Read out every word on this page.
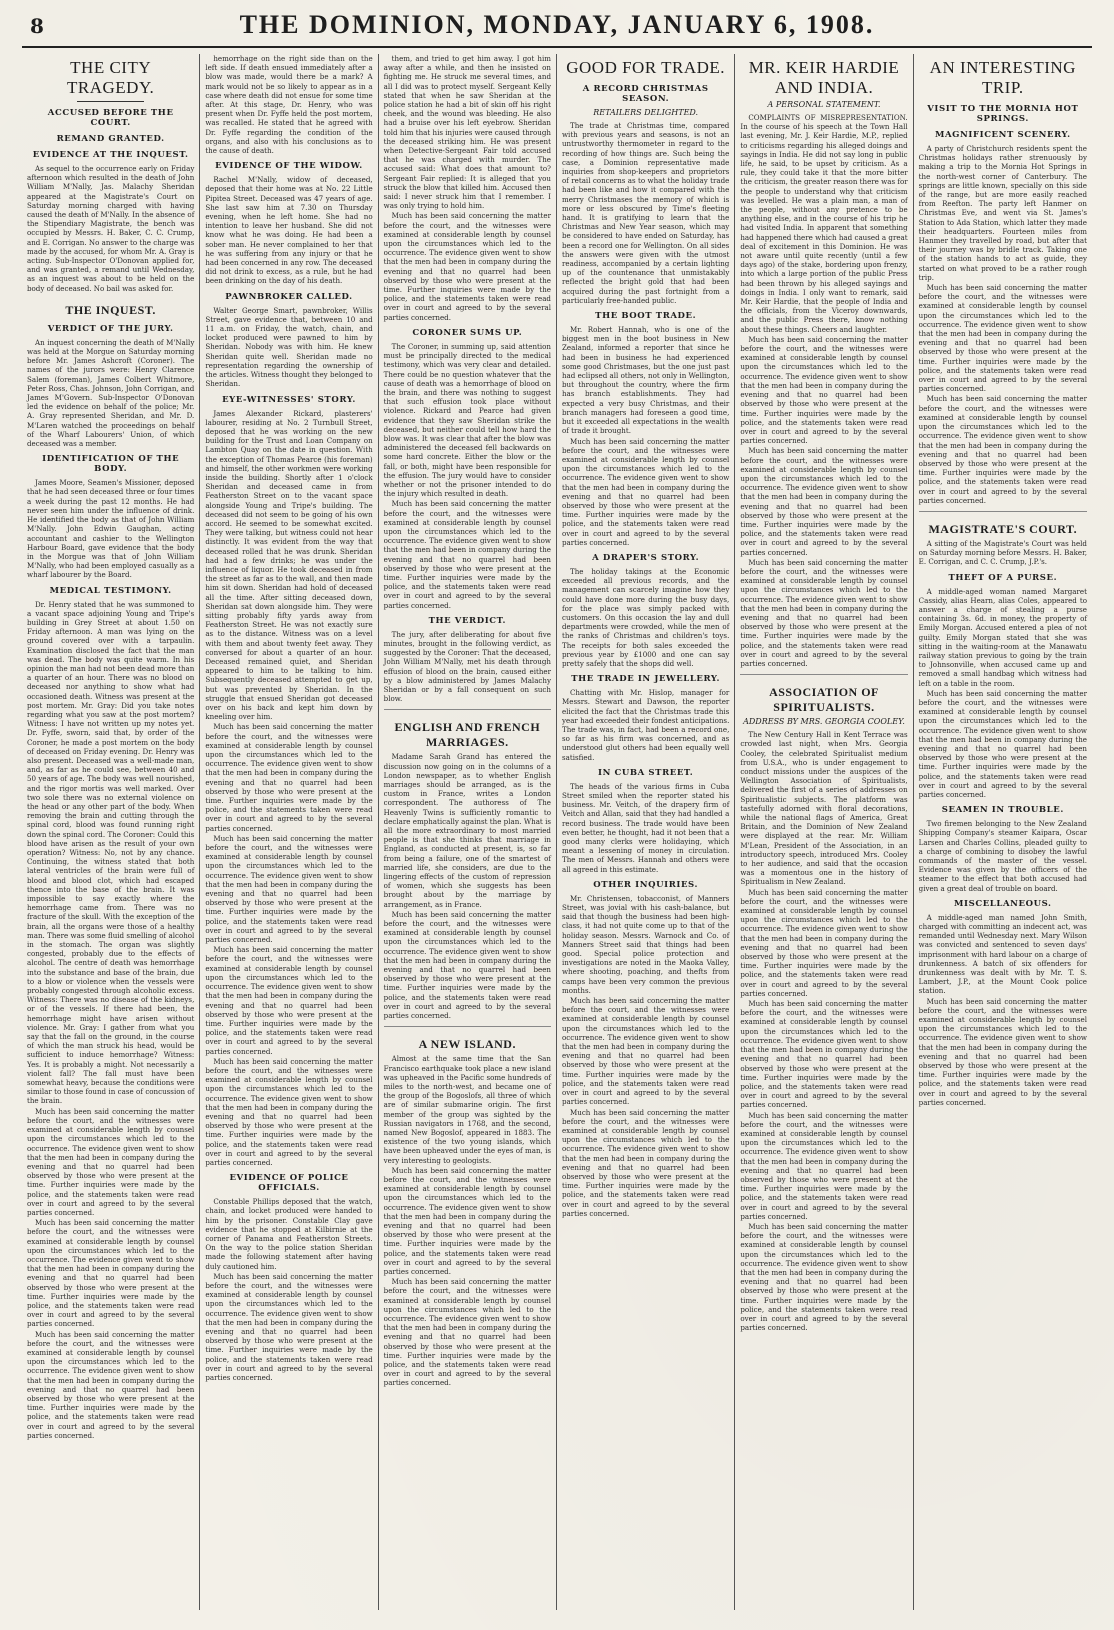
8	THE DOMINION, MONDAY, JANUARY 6, 1908.
THE CITY TRAGEDY.
ACCUSED BEFORE THE COURT.
REMAND GRANTED.
EVIDENCE AT THE INQUEST.

As sequel to the occurrence early on Friday afternoon which resulted in the death of John William M'Nally, Jas. Malachy Sheridan appeared at the Magistrate's Court on Saturday morning charged with having caused the death of M'Nally. In the absence of the Stipendiary Magistrate, the bench was occupied by Messrs. H. Baker, C. C. Crump, and E. Corrigan. No answer to the charge was made by the accused, for whom Mr. A. Gray is acting. Sub-Inspector O'Donovan applied for, and was granted, a remand until Wednesday, as an inquest was about to be held on the body of deceased. No bail was asked for.

THE INQUEST.
VERDICT OF THE JURY.

An inquest concerning the death of M'Nally was held at the Morgue on Saturday morning before Mr. James Ashcroft (Coroner). The names of the jurors were: Henry Clarence Salem (foreman), James Colbert Whitmore, Peter Ross, Chas. Johnson, John Corrigan, and James M'Govern. Sub-Inspector O'Donovan led the evidence on behalf of the police; Mr. A. Gray represented Sheridan, and Mr. D. M'Laren watched the proceedings on behalf of the Wharf Labourers' Union, of which deceased was a member.

IDENTIFICATION OF THE BODY.

James Moore, Seamen's Missioner, deposed that he had seen deceased three or four times a week during the past 12 months. He had never seen him under the influence of drink. He identified the body as that of John William M'Nally. John Edwin Gaughan, acting accountant and cashier to the Wellington Harbour Board, gave evidence that the body in the Morgue was that of John William M'Nally, who had been employed casually as a wharf labourer by the Board.

MEDICAL TESTIMONY.

Dr. Henry stated that he was summoned to a vacant space adjoining Young and Tripe's building in Grey Street at about 1.50 on Friday afternoon. A man was lying on the ground covered over with a tarpaulin. Examination disclosed the fact that the man was dead. The body was quite warm. In his opinion the man had not been dead more than a quarter of an hour. There was no blood on deceased nor anything to show what had occasioned death. Witness was present at the post mortem. Mr. Gray: Did you take notes regarding what you saw at the post mortem? Witness: I have not written up my notes yet. Dr. Fyffe, sworn, said that, by order of the Coroner, he made a post mortem on the body of deceased on Friday evening. Dr. Henry was also present. Deceased was a well-made man, and, as far as he could see, between 40 and 50 years of age. The body was well nourished, and the rigor mortis was well marked. Over two sole there was no external violence on the head or any other part of the body. When removing the brain and cutting through the spinal cord, blood was found running right down the spinal cord. The Coroner: Could this blood have arisen as the result of your own operation? Witness: No, not by any chance. Continuing, the witness stated that both lateral ventricles of the brain were full of blood and blood clot, which had escaped thence into the base of the brain. It was impossible to say exactly where the hemorrhage came from. There was no fracture of the skull. With the exception of the brain, all the organs were those of a healthy man. There was some fluid smelling of alcohol in the stomach. The organ was slightly congested, probably due to the effects of alcohol. The centre of death was hemorrhage into the substance and base of the brain, due to a blow or violence when the vessels were probably congested through alcoholic excess. Witness: There was no disease of the kidneys, or of the vessels. If there had been, the hemorrhage might have arisen without violence. Mr. Gray: I gather from what you say that the fall on the ground, in the course of which the man struck his head, would be sufficient to induce hemorrhage? Witness: Yes. It is probably a might. Not necessarily a violent fall? The fall must have been somewhat heavy, because the conditions were similar to those found in case of concussion of the brain.

Much has been said concerning the matter before the court, and the witnesses were examined at considerable length by counsel upon the circumstances which led to the occurrence. The evidence given went to show that the men had been in company during the evening and that no quarrel had been observed by those who were present at the time. Further inquiries were made by the police, and the statements taken were read over in court and agreed to by the several parties concerned.

Much has been said concerning the matter before the court, and the witnesses were examined at considerable length by counsel upon the circumstances which led to the occurrence. The evidence given went to show that the men had been in company during the evening and that no quarrel had been observed by those who were present at the time. Further inquiries were made by the police, and the statements taken were read over in court and agreed to by the several parties concerned.

Much has been said concerning the matter before the court, and the witnesses were examined at considerable length by counsel upon the circumstances which led to the occurrence. The evidence given went to show that the men had been in company during the evening and that no quarrel had been observed by those who were present at the time. Further inquiries were made by the police, and the statements taken were read over in court and agreed to by the several parties concerned.

hemorrhage on the right side than on the left side. If death ensued immediately after a blow was made, would there be a mark? A mark would not be so likely to appear as in a case where death did not ensue for some time after. At this stage, Dr. Henry, who was present when Dr. Fyffe held the post mortem, was recalled. He stated that he agreed with Dr. Fyffe regarding the condition of the organs, and also with his conclusions as to the cause of death.

EVIDENCE OF THE WIDOW.

Rachel M'Nally, widow of deceased, deposed that their home was at No. 22 Little Pipitea Street. Deceased was 47 years of age. She last saw him at 7.30 on Thursday evening, when he left home. She had no intention to leave her husband. She did not know what he was doing. He had been a sober man. He never complained to her that he was suffering from any injury or that he had been concerned in any row. The deceased did not drink to excess, as a rule, but he had been drinking on the day of his death.

PAWNBROKER CALLED.

Walter George Smart, pawnbroker, Willis Street, gave evidence that, between 10 and 11 a.m. on Friday, the watch, chain, and locket produced were pawned to him by Sheridan. Nobody was with him. He knew Sheridan quite well. Sheridan made no representation regarding the ownership of the articles. Witness thought they belonged to Sheridan.

EYE-WITNESSES' STORY.

James Alexander Rickard, plasterers' labourer, residing at No. 2 Turnbull Street, deposed that he was working on the new building for the Trust and Loan Company on Lambton Quay on the date in question. With the exception of Thomas Pearce (his foreman) and himself, the other workmen were working inside the building. Shortly after 1 o'clock Sheridan and deceased came in from Featherston Street on to the vacant space alongside Young and Tripe's building. The deceased did not seem to be going of his own accord. He seemed to be somewhat excited. They were talking, but witness could not hear distinctly. It was evident from the way that deceased rolled that he was drunk. Sheridan had had a few drinks; he was under the influence of liquor. He took deceased in from the street as far as to the wall, and then made him sit down. Sheridan had hold of deceased all the time. After sitting deceased down, Sheridan sat down alongside him. They were sitting probably fifty yards away from Featherston Street. He was not exactly sure as to the distance. Witness was on a level with them and about twenty feet away. They conversed for about a quarter of an hour. Deceased remained quiet, and Sheridan appeared to him to be talking to him. Subsequently deceased attempted to get up, but was prevented by Sheridan. In the struggle that ensued Sheridan got deceased over on his back and kept him down by kneeling over him.

Much has been said concerning the matter before the court, and the witnesses were examined at considerable length by counsel upon the circumstances which led to the occurrence. The evidence given went to show that the men had been in company during the evening and that no quarrel had been observed by those who were present at the time. Further inquiries were made by the police, and the statements taken were read over in court and agreed to by the several parties concerned.

Much has been said concerning the matter before the court, and the witnesses were examined at considerable length by counsel upon the circumstances which led to the occurrence. The evidence given went to show that the men had been in company during the evening and that no quarrel had been observed by those who were present at the time. Further inquiries were made by the police, and the statements taken were read over in court and agreed to by the several parties concerned.

Much has been said concerning the matter before the court, and the witnesses were examined at considerable length by counsel upon the circumstances which led to the occurrence. The evidence given went to show that the men had been in company during the evening and that no quarrel had been observed by those who were present at the time. Further inquiries were made by the police, and the statements taken were read over in court and agreed to by the several parties concerned.

Much has been said concerning the matter before the court, and the witnesses were examined at considerable length by counsel upon the circumstances which led to the occurrence. The evidence given went to show that the men had been in company during the evening and that no quarrel had been observed by those who were present at the time. Further inquiries were made by the police, and the statements taken were read over in court and agreed to by the several parties concerned.

EVIDENCE OF POLICE OFFICIALS.

Constable Phillips deposed that the watch, chain, and locket produced were handed to him by the prisoner. Constable Clay gave evidence that he stopped at Kilbirnie at the corner of Panama and Featherston Streets. On the way to the police station Sheridan made the following statement after having duly cautioned him.

Much has been said concerning the matter before the court, and the witnesses were examined at considerable length by counsel upon the circumstances which led to the occurrence. The evidence given went to show that the men had been in company during the evening and that no quarrel had been observed by those who were present at the time. Further inquiries were made by the police, and the statements taken were read over in court and agreed to by the several parties concerned.

them, and tried to get him away. I got him away after a while, and then he insisted on fighting me. He struck me several times, and all I did was to protect myself. Sergeant Kelly stated that when he saw Sheridan at the police station he had a bit of skin off his right cheek, and the wound was bleeding. He also had a bruise over his left eyebrow. Sheridan told him that his injuries were caused through the deceased striking him. He was present when Detective-Sergeant Fair told accused that he was charged with murder. The accused said: What does that amount to? Sergeant Fair replied: It is alleged that you struck the blow that killed him. Accused then said: I never struck him that I remember. I was only trying to hold him.

Much has been said concerning the matter before the court, and the witnesses were examined at considerable length by counsel upon the circumstances which led to the occurrence. The evidence given went to show that the men had been in company during the evening and that no quarrel had been observed by those who were present at the time. Further inquiries were made by the police, and the statements taken were read over in court and agreed to by the several parties concerned.

CORONER SUMS UP.

The Coroner, in summing up, said attention must be principally directed to the medical testimony, which was very clear and detailed. There could be no question whatever that the cause of death was a hemorrhage of blood on the brain, and there was nothing to suggest that such effusion took place without violence. Rickard and Pearce had given evidence that they saw Sheridan strike the deceased, but neither could tell how hard the blow was. It was clear that after the blow was administered the deceased fell backwards on some hard concrete. Either the blow or the fall, or both, might have been responsible for the effusion. The jury would have to consider whether or not the prisoner intended to do the injury which resulted in death.

Much has been said concerning the matter before the court, and the witnesses were examined at considerable length by counsel upon the circumstances which led to the occurrence. The evidence given went to show that the men had been in company during the evening and that no quarrel had been observed by those who were present at the time. Further inquiries were made by the police, and the statements taken were read over in court and agreed to by the several parties concerned.

THE VERDICT.

The jury, after deliberating for about five minutes, brought in the following verdict, as suggested by the Coroner: That the deceased, John William M'Nally, met his death through effusion of blood on the brain, caused either by a blow administered by James Malachy Sheridan or by a fall consequent on such blow.

ENGLISH AND FRENCH MARRIAGES.

Madame Sarah Grand has entered the discussion now going on in the columns of a London newspaper, as to whether English marriages should be arranged, as is the custom in France, writes a London correspondent. The authoress of The Heavenly Twins is sufficiently romantic to declare emphatically against the plan. What is all the more extraordinary to most married people is that she thinks that marriage in England, as conducted at present, is, so far from being a failure, one of the smartest of married life, she considers, are due to the lingering effects of the custom of repression of women, which she suggests has been brought about by the marriage by arrangement, as in France.

Much has been said concerning the matter before the court, and the witnesses were examined at considerable length by counsel upon the circumstances which led to the occurrence. The evidence given went to show that the men had been in company during the evening and that no quarrel had been observed by those who were present at the time. Further inquiries were made by the police, and the statements taken were read over in court and agreed to by the several parties concerned.

A NEW ISLAND.

Almost at the same time that the San Francisco earthquake took place a new island was upheaved in the Pacific some hundreds of miles to the north-west, and became one of the group of the Bogoslofs, all three of which are of similar submarine origin. The first member of the group was sighted by the Russian navigators in 1768, and the second, named New Bogoslof, appeared in 1883. The existence of the two young islands, which have been upheaved under the eyes of man, is very interesting to geologists.

Much has been said concerning the matter before the court, and the witnesses were examined at considerable length by counsel upon the circumstances which led to the occurrence. The evidence given went to show that the men had been in company during the evening and that no quarrel had been observed by those who were present at the time. Further inquiries were made by the police, and the statements taken were read over in court and agreed to by the several parties concerned.

Much has been said concerning the matter before the court, and the witnesses were examined at considerable length by counsel upon the circumstances which led to the occurrence. The evidence given went to show that the men had been in company during the evening and that no quarrel had been observed by those who were present at the time. Further inquiries were made by the police, and the statements taken were read over in court and agreed to by the several parties concerned.

GOOD FOR TRADE.
A RECORD CHRISTMAS SEASON.
RETAILERS DELIGHTED.

The trade at Christmas time, compared with previous years and seasons, is not an untrustworthy thermometer in regard to the recording of how things are. Such being the case, a Dominion representative made inquiries from shop-keepers and proprietors of retail concerns as to what the holiday trade had been like and how it compared with the merry Christmases the memory of which is more or less obscured by Time's fleeting hand. It is gratifying to learn that the Christmas and New Year season, which may be considered to have ended on Saturday, has been a record one for Wellington. On all sides the answers were given with the utmost readiness, accompanied by a certain lighting up of the countenance that unmistakably reflected the bright gold that had been acquired during the past fortnight from a particularly free-handed public.

THE BOOT TRADE.

Mr. Robert Hannah, who is one of the biggest men in the boot business in New Zealand, informed a reporter that since he had been in business he had experienced some good Christmases, but the one just past had eclipsed all others, not only in Wellington, but throughout the country, where the firm has branch establishments. They had expected a very busy Christmas, and their branch managers had foreseen a good time, but it exceeded all expectations in the wealth of trade it brought.

Much has been said concerning the matter before the court, and the witnesses were examined at considerable length by counsel upon the circumstances which led to the occurrence. The evidence given went to show that the men had been in company during the evening and that no quarrel had been observed by those who were present at the time. Further inquiries were made by the police, and the statements taken were read over in court and agreed to by the several parties concerned.

A DRAPER'S STORY.

The holiday takings at the Economic exceeded all previous records, and the management can scarcely imagine how they could have done more during the busy days, for the place was simply packed with customers. On this occasion the lay and dull departments were crowded, while the men of the ranks of Christmas and children's toys. The receipts for both sales exceeded the previous year by £1000 and one can say pretty safely that the shops did well.

THE TRADE IN JEWELLERY.

Chatting with Mr. Hislop, manager for Messrs. Stewart and Dawson, the reporter elicited the fact that the Christmas trade this year had exceeded their fondest anticipations. The trade was, in fact, had been a record one, so far as his firm was concerned, and as understood glut others had been equally well satisfied.

IN CUBA STREET.

The heads of the various firms in Cuba Street smiled when the reporter stated his business. Mr. Veitch, of the drapery firm of Veitch and Allan, said that they had handled a record business. The trade would have been even better, he thought, had it not been that a good many clerks were holidaying, which meant a lessening of money in circulation. The men of Messrs. Hannah and others were all agreed in this estimate.

OTHER INQUIRIES.

Mr. Christensen, tobacconist, of Manners Street, was jovial with his cash-balance, but said that though the business had been high-class, it had not quite come up to that of the holiday season. Messrs. Warnock and Co. of Manners Street said that things had been good. Special police protection and investigations are noted in the Maoka Valley, where shooting, poaching, and thefts from camps have been very common the previous months.

Much has been said concerning the matter before the court, and the witnesses were examined at considerable length by counsel upon the circumstances which led to the occurrence. The evidence given went to show that the men had been in company during the evening and that no quarrel had been observed by those who were present at the time. Further inquiries were made by the police, and the statements taken were read over in court and agreed to by the several parties concerned.

Much has been said concerning the matter before the court, and the witnesses were examined at considerable length by counsel upon the circumstances which led to the occurrence. The evidence given went to show that the men had been in company during the evening and that no quarrel had been observed by those who were present at the time. Further inquiries were made by the police, and the statements taken were read over in court and agreed to by the several parties concerned.

MR. KEIR HARDIE AND INDIA.
A PERSONAL STATEMENT.

COMPLAINTS OF MISREPRESENTATION. In the course of his speech at the Town Hall last evening, Mr. J. Keir Hardie, M.P., replied to criticisms regarding his alleged doings and sayings in India. He did not say long in public life, he said, to be upset by criticism. As a rule, they could take it that the more bitter the criticism, the greater reason there was for the people to understand why that criticism was levelled. He was a plain man, a man of the people, without any pretence to be anything else, and in the course of his trip he had visited India. In apparent that something had happened there which had caused a great deal of excitement in this Dominion. He was not aware until quite recently (until a few days ago) of the stake, bordering upon frenzy, into which a large portion of the public Press had been thrown by his alleged sayings and doings in India. I only want to remark, said Mr. Keir Hardie, that the people of India and the officials, from the Viceroy downwards, and the public Press there, know nothing about these things. Cheers and laughter.

Much has been said concerning the matter before the court, and the witnesses were examined at considerable length by counsel upon the circumstances which led to the occurrence. The evidence given went to show that the men had been in company during the evening and that no quarrel had been observed by those who were present at the time. Further inquiries were made by the police, and the statements taken were read over in court and agreed to by the several parties concerned.

Much has been said concerning the matter before the court, and the witnesses were examined at considerable length by counsel upon the circumstances which led to the occurrence. The evidence given went to show that the men had been in company during the evening and that no quarrel had been observed by those who were present at the time. Further inquiries were made by the police, and the statements taken were read over in court and agreed to by the several parties concerned.

Much has been said concerning the matter before the court, and the witnesses were examined at considerable length by counsel upon the circumstances which led to the occurrence. The evidence given went to show that the men had been in company during the evening and that no quarrel had been observed by those who were present at the time. Further inquiries were made by the police, and the statements taken were read over in court and agreed to by the several parties concerned.

ASSOCIATION OF SPIRITUALISTS.
ADDRESS BY MRS. GEORGIA COOLEY.

The New Century Hall in Kent Terrace was crowded last night, when Mrs. Georgia Cooley, the celebrated Spiritualist medium from U.S.A., who is under engagement to conduct missions under the auspices of the Wellington Association of Spiritualists, delivered the first of a series of addresses on Spiritualistic subjects. The platform was tastefully adorned with floral decorations, while the national flags of America, Great Britain, and the Dominion of New Zealand were displayed at the rear. Mr. William M'Lean, President of the Association, in an introductory speech, introduced Mrs. Cooley to her audience, and said that the occasion was a momentous one in the history of Spiritualism in New Zealand.

Much has been said concerning the matter before the court, and the witnesses were examined at considerable length by counsel upon the circumstances which led to the occurrence. The evidence given went to show that the men had been in company during the evening and that no quarrel had been observed by those who were present at the time. Further inquiries were made by the police, and the statements taken were read over in court and agreed to by the several parties concerned.

Much has been said concerning the matter before the court, and the witnesses were examined at considerable length by counsel upon the circumstances which led to the occurrence. The evidence given went to show that the men had been in company during the evening and that no quarrel had been observed by those who were present at the time. Further inquiries were made by the police, and the statements taken were read over in court and agreed to by the several parties concerned.

Much has been said concerning the matter before the court, and the witnesses were examined at considerable length by counsel upon the circumstances which led to the occurrence. The evidence given went to show that the men had been in company during the evening and that no quarrel had been observed by those who were present at the time. Further inquiries were made by the police, and the statements taken were read over in court and agreed to by the several parties concerned.

Much has been said concerning the matter before the court, and the witnesses were examined at considerable length by counsel upon the circumstances which led to the occurrence. The evidence given went to show that the men had been in company during the evening and that no quarrel had been observed by those who were present at the time. Further inquiries were made by the police, and the statements taken were read over in court and agreed to by the several parties concerned.

AN INTERESTING TRIP.
VISIT TO THE MORNIA HOT SPRINGS.
MAGNIFICENT SCENERY.

A party of Christchurch residents spent the Christmas holidays rather strenuously by making a trip to the Mornia Hot Springs in the north-west corner of Canterbury. The springs are little known, specially on this side of the range, but are more easily reached from Reefton. The party left Hanmer on Christmas Eve, and went via St. James's Station to Ada Station, which latter they made their headquarters. Fourteen miles from Hanmer they travelled by road, but after that their journey was by bridle track. Taking one of the station hands to act as guide, they started on what proved to be a rather rough trip.

Much has been said concerning the matter before the court, and the witnesses were examined at considerable length by counsel upon the circumstances which led to the occurrence. The evidence given went to show that the men had been in company during the evening and that no quarrel had been observed by those who were present at the time. Further inquiries were made by the police, and the statements taken were read over in court and agreed to by the several parties concerned.

Much has been said concerning the matter before the court, and the witnesses were examined at considerable length by counsel upon the circumstances which led to the occurrence. The evidence given went to show that the men had been in company during the evening and that no quarrel had been observed by those who were present at the time. Further inquiries were made by the police, and the statements taken were read over in court and agreed to by the several parties concerned.

MAGISTRATE'S COURT.

A sitting of the Magistrate's Court was held on Saturday morning before Messrs. H. Baker, E. Corrigan, and C. C. Crump, J.P.'s.

THEFT OF A PURSE.

A middle-aged woman named Margaret Cassidy, alias Hearn, alias Coles, appeared to answer a charge of stealing a purse containing 3s. 6d. in money, the property of Emily Morgan. Accused entered a plea of not guilty. Emily Morgan stated that she was sitting in the waiting-room at the Manawatu railway station previous to going by the train to Johnsonville, when accused came up and removed a small handbag which witness had left on a table in the room.

Much has been said concerning the matter before the court, and the witnesses were examined at considerable length by counsel upon the circumstances which led to the occurrence. The evidence given went to show that the men had been in company during the evening and that no quarrel had been observed by those who were present at the time. Further inquiries were made by the police, and the statements taken were read over in court and agreed to by the several parties concerned.

SEAMEN IN TROUBLE.

Two firemen belonging to the New Zealand Shipping Company's steamer Kaipara, Oscar Larsen and Charles Collins, pleaded guilty to a charge of combining to disobey the lawful commands of the master of the vessel. Evidence was given by the officers of the steamer to the effect that both accused had given a great deal of trouble on board.

MISCELLANEOUS.

A middle-aged man named John Smith, charged with committing an indecent act, was remanded until Wednesday next. Mary Wilson was convicted and sentenced to seven days' imprisonment with hard labour on a charge of drunkenness. A batch of six offenders for drunkenness was dealt with by Mr. T. S. Lambert, J.P., at the Mount Cook police station.

Much has been said concerning the matter before the court, and the witnesses were examined at considerable length by counsel upon the circumstances which led to the occurrence. The evidence given went to show that the men had been in company during the evening and that no quarrel had been observed by those who were present at the time. Further inquiries were made by the police, and the statements taken were read over in court and agreed to by the several parties concerned.
